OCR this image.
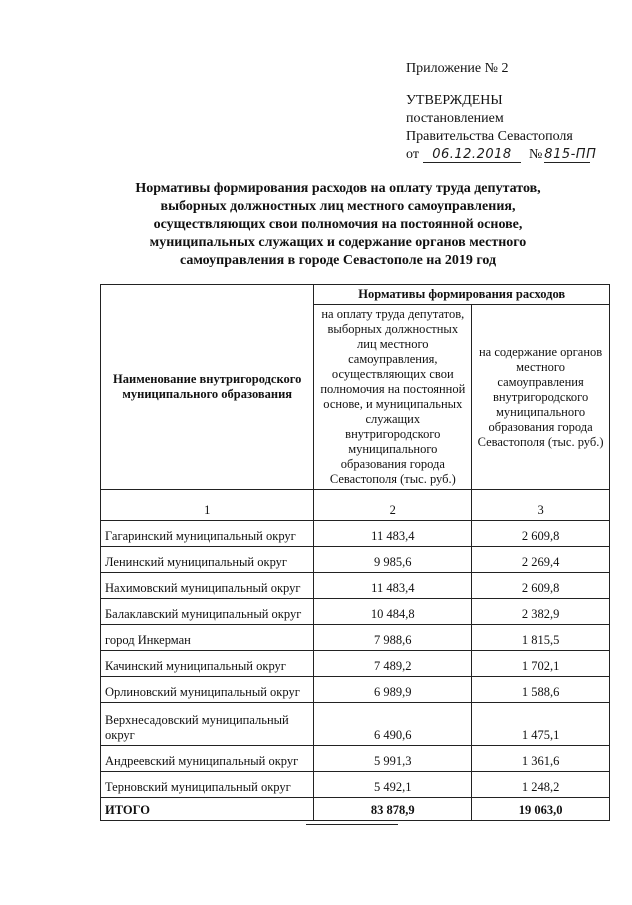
Приложение № 2
УТВЕРЖДЕНЫ
постановлением
Правительства Севастополя
от 06.12.2018 № 815-ПП
Нормативы формирования расходов на оплату труда депутатов, выборных должностных лиц местного самоуправления, осуществляющих свои полномочия на постоянной основе, муниципальных служащих и содержание органов местного самоуправления в городе Севастополе на 2019 год
Наименование внутригородского муниципального образования	Нормативы формирования расходов	
	на оплату труда депутатов, выборных должностных лиц местного самоуправления, осуществляющих свои полномочия на постоянной основе, и муниципальных служащих внутригородского муниципального образования города Севастополя (тыс. руб.)	на содержание органов местного самоуправления внутригородского муниципального образования города Севастополя (тыс. руб.)
1	2	3
Гагаринский муниципальный округ	11 483,4	2 609,8
Ленинский муниципальный округ	9 985,6	2 269,4
Нахимовский муниципальный округ	11 483,4	2 609,8
Балаклавский муниципальный округ	10 484,8	2 382,9
город Инкерман	7 988,6	1 815,5
Качинский муниципальный округ	7 489,2	1 702,1
Орлиновский муниципальный округ	6 989,9	1 588,6
Верхнесадовский муниципальный округ	6 490,6	1 475,1
Андреевский муниципальный округ	5 991,3	1 361,6
Терновский муниципальный округ	5 492,1	1 248,2
ИТОГО	83 878,9	19 063,0
